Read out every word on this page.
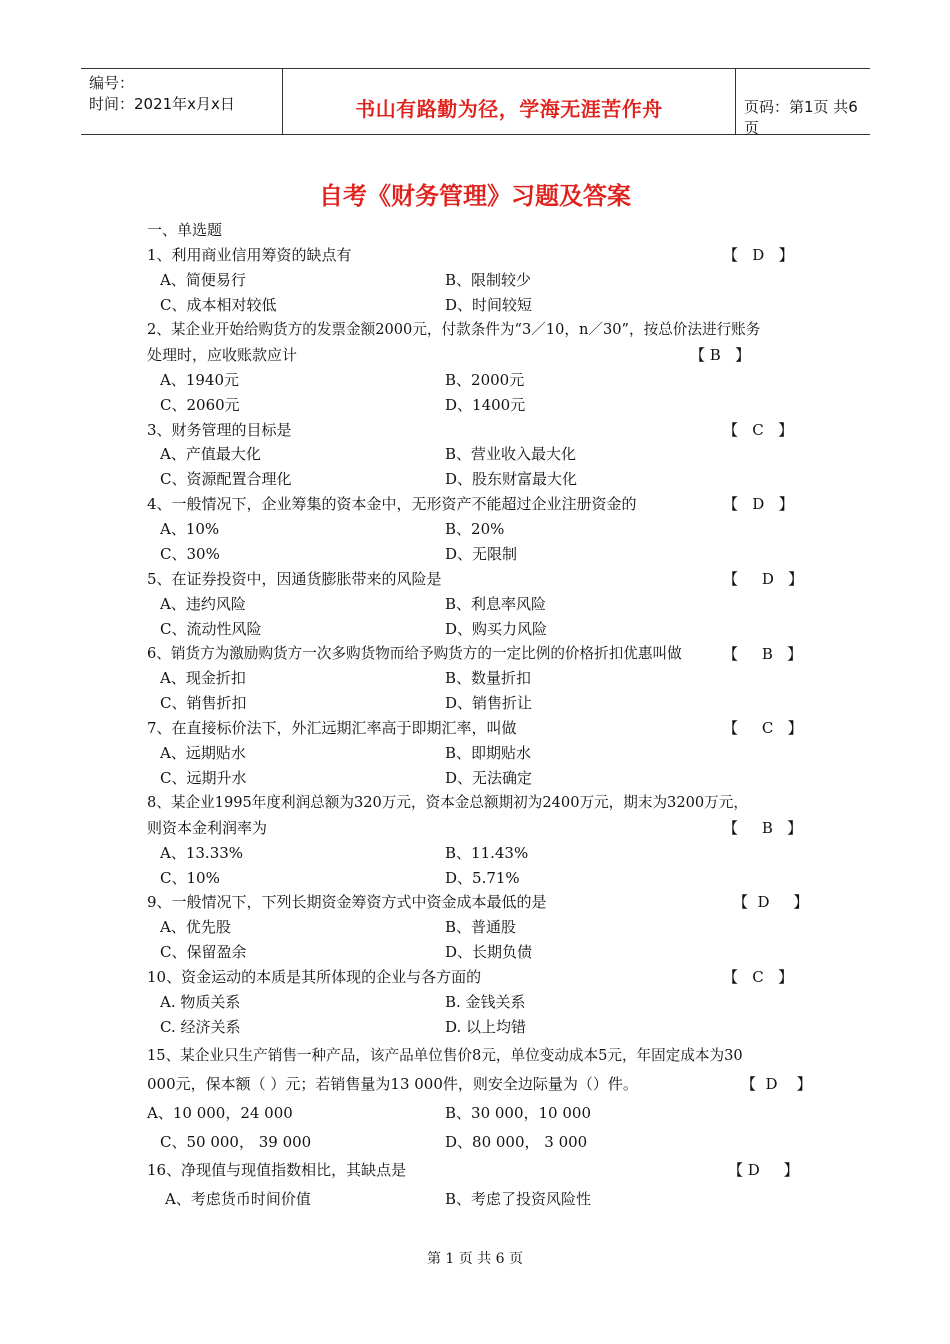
编号：
时间：2021年x月x日	书山有路勤为径，学海无涯苦作舟	页码：第1页 共6页
自考《财务管理》习题及答案
一、单选题
1、利用商业信用筹资的缺点有	【   D   】
A、简便易行	B、限制较少
C、成本相对较低	D、时间较短
2、某企业开始给购货方的发票金额2000元，付款条件为“3／10，n／30”，按总价法进行账务
处理时，应收账款应计	【 B   】
A、1940元	B、2000元
C、2060元	D、1400元
3、财务管理的目标是	【   C   】
A、产值最大化	B、营业收入最大化
C、资源配置合理化	D、股东财富最大化
4、一般情况下，企业筹集的资本金中，无形资产不能超过企业注册资金的	【   D   】
A、10%	B、20%
C、30%	D、无限制
5、在证券投资中，因通货膨胀带来的风险是	【     D   】
A、违约风险	B、利息率风险
C、流动性风险	D、购买力风险
6、销货方为激励购货方一次多购货物而给予购货方的一定比例的价格折扣优惠叫做	【     B   】
A、现金折扣	B、数量折扣
C、销售折扣	D、销售折让
7、在直接标价法下，外汇远期汇率高于即期汇率，叫做	【     C   】
A、远期贴水	B、即期贴水
C、远期升水	D、无法确定
8、某企业1995年度利润总额为320万元，资本金总额期初为2400万元，期末为3200万元，
则资本金利润率为	【     B   】
A、13.33%	B、11.43%
C、10%	D、5.71%
9、一般情况下，下列长期资金筹资方式中资金成本最低的是	【  D     】
A、优先股	B、普通股
C、保留盈余	D、长期负债
10、资金运动的本质是其所体现的企业与各方面的	【   C   】
A. 物质关系	B. 金钱关系
C. 经济关系	D. 以上均错
15、某企业只生产销售一种产品，该产品单位售价8元，单位变动成本5元，年固定成本为30
000元，保本额（ ）元；若销售量为13 000件，则安全边际量为（）件。	【  D    】
A、10 000，24 000	B、30 000，10 000
C、50 000， 39 000	D、80 000， 3 000
16、净现值与现值指数相比，其缺点是	【 D     】
A、考虑货币时间价值	B、考虑了投资风险性
第 1 页 共 6 页
